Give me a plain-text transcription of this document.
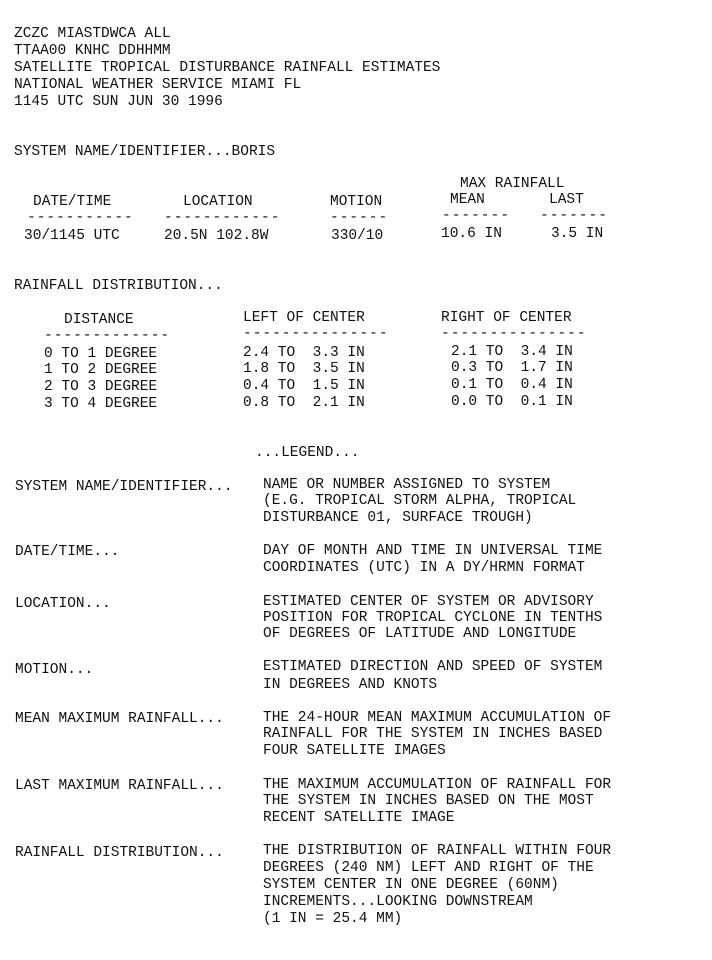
ZCZC MIASTDWCA ALL
TTAA00 KNHC DDHHMM
SATELLITE TROPICAL DISTURBANCE RAINFALL ESTIMATES
NATIONAL WEATHER SERVICE MIAMI FL
1145 UTC SUN JUN 30 1996
SYSTEM NAME/IDENTIFIER...BORIS
MAX RAINFALL
DATE/TIME	LOCATION	MOTION	MEAN	LAST
----------- ------------	------	------- -------
30/1145 UTC	20.5N 102.8W	330/10	10.6 IN	3.5 IN
RAINFALL DISTRIBUTION...
DISTANCE	LEFT OF CENTER	RIGHT OF CENTER
-------------	---------------	---------------
0 TO 1 DEGREE	2.4 TO  3.3 IN	2.1 TO  3.4 IN
1 TO 2 DEGREE	1.8 TO  3.5 IN	0.3 TO  1.7 IN
2 TO 3 DEGREE	0.4 TO  1.5 IN	0.1 TO  0.4 IN
3 TO 4 DEGREE	0.8 TO  2.1 IN	0.0 TO  0.1 IN
...LEGEND...
SYSTEM NAME/IDENTIFIER... NAME OR NUMBER ASSIGNED TO SYSTEM
(E.G. TROPICAL STORM ALPHA, TROPICAL
DISTURBANCE 01, SURFACE TROUGH)
DATE/TIME...	DAY OF MONTH AND TIME IN UNIVERSAL TIME
COORDINATES (UTC) IN A DY/HRMN FORMAT
LOCATION...	ESTIMATED CENTER OF SYSTEM OR ADVISORY
POSITION FOR TROPICAL CYCLONE IN TENTHS
OF DEGREES OF LATITUDE AND LONGITUDE
MOTION...	ESTIMATED DIRECTION AND SPEED OF SYSTEM
IN DEGREES AND KNOTS
MEAN MAXIMUM RAINFALL...	THE 24-HOUR MEAN MAXIMUM ACCUMULATION OF
RAINFALL FOR THE SYSTEM IN INCHES BASED
FOUR SATELLITE IMAGES
LAST MAXIMUM RAINFALL...	THE MAXIMUM ACCUMULATION OF RAINFALL FOR
THE SYSTEM IN INCHES BASED ON THE MOST
RECENT SATELLITE IMAGE
RAINFALL DISTRIBUTION...	THE DISTRIBUTION OF RAINFALL WITHIN FOUR
DEGREES (240 NM) LEFT AND RIGHT OF THE
SYSTEM CENTER IN ONE DEGREE (60NM)
INCREMENTS...LOOKING DOWNSTREAM
(1 IN = 25.4 MM)
